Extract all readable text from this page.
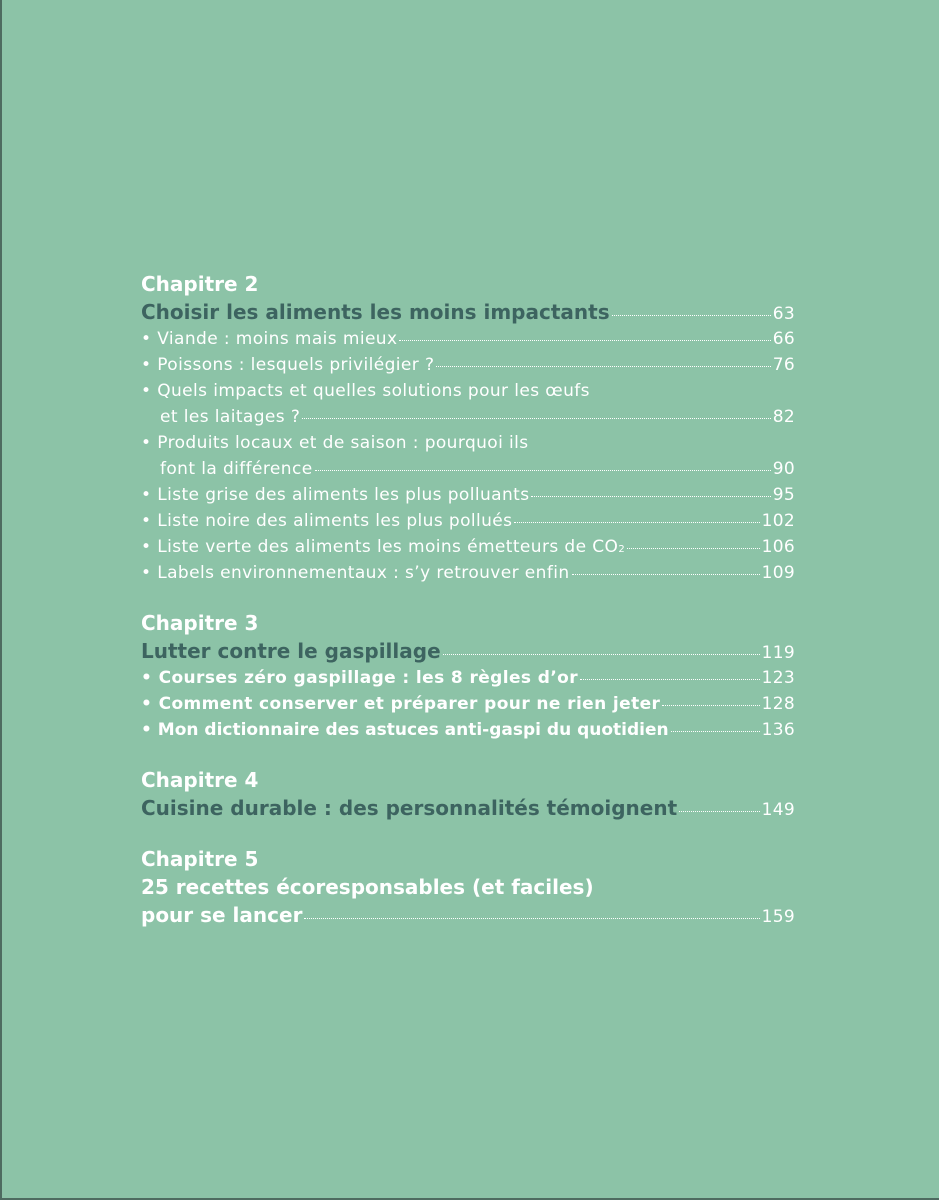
Chapitre 2
Choisir les aliments les moins impactants	63
• Viande : moins mais mieux	66
• Poissons : lesquels privilégier ?	76
• Quels impacts et quelles solutions pour les œufs
et les laitages ?	82
• Produits locaux et de saison : pourquoi ils
font la différence	90
• Liste grise des aliments les plus polluants	95
• Liste noire des aliments les plus pollués	102
• Liste verte des aliments les moins émetteurs de CO2	106
• Labels environnementaux : s’y retrouver enfin	109
Chapitre 3
Lutter contre le gaspillage	119
• Courses zéro gaspillage : les 8 règles d’or	123
• Comment conserver et préparer pour ne rien jeter	128
• Mon dictionnaire des astuces anti-gaspi du quotidien	136
Chapitre 4
Cuisine durable : des personnalités témoignent	149
Chapitre 5
25 recettes écoresponsables (et faciles)
pour se lancer	159
